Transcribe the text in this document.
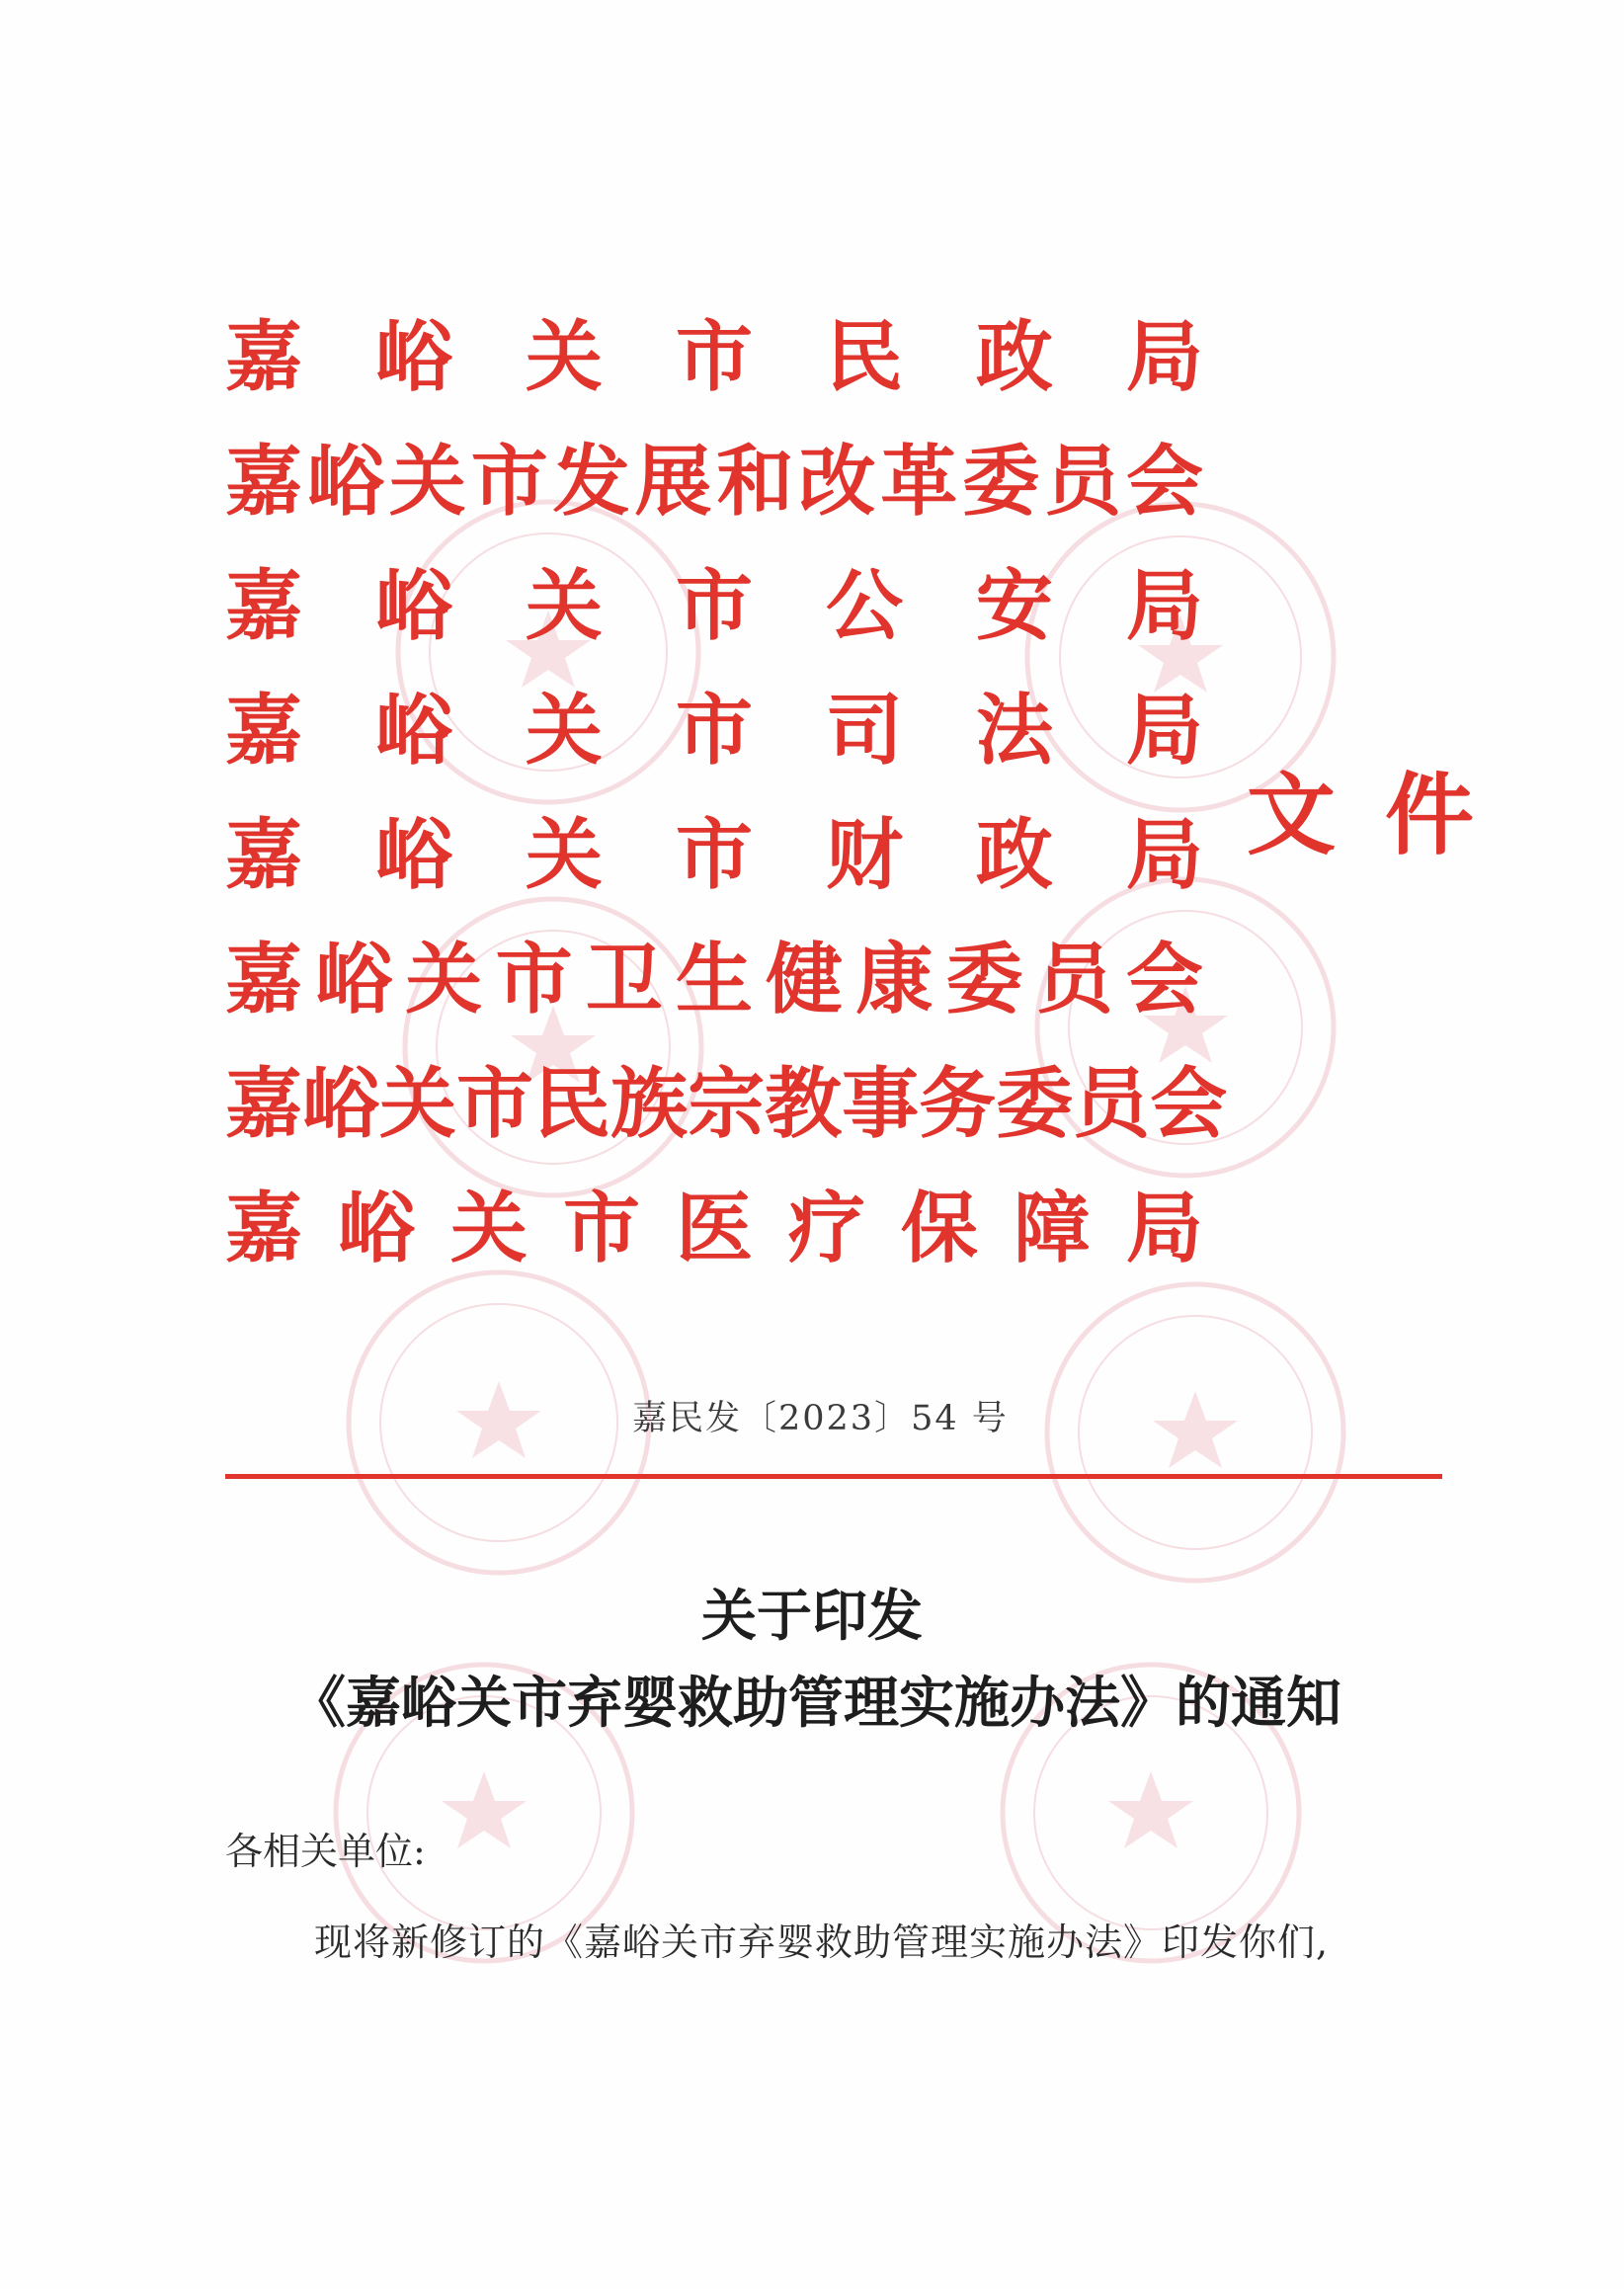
嘉 峪 关 市 民 政 局
嘉 峪 关 市 发 展 和 改 革 委 员 会
嘉 峪 关 市 公 安 局
嘉 峪 关 市 司 法 局
嘉 峪 关 市 财 政 局
嘉 峪 关 市 卫 生 健 康 委 员 会
嘉 峪 关 市 民 族 宗 教 事 务 委 员 会
嘉 峪 关 市 医 疗 保 障 局
文件
嘉民发〔2023〕54 号
关于印发
《嘉峪关市弃婴救助管理实施办法》的通知
各相关单位:
现将新修订的《嘉峪关市弃婴救助管理实施办法》印发你们,
